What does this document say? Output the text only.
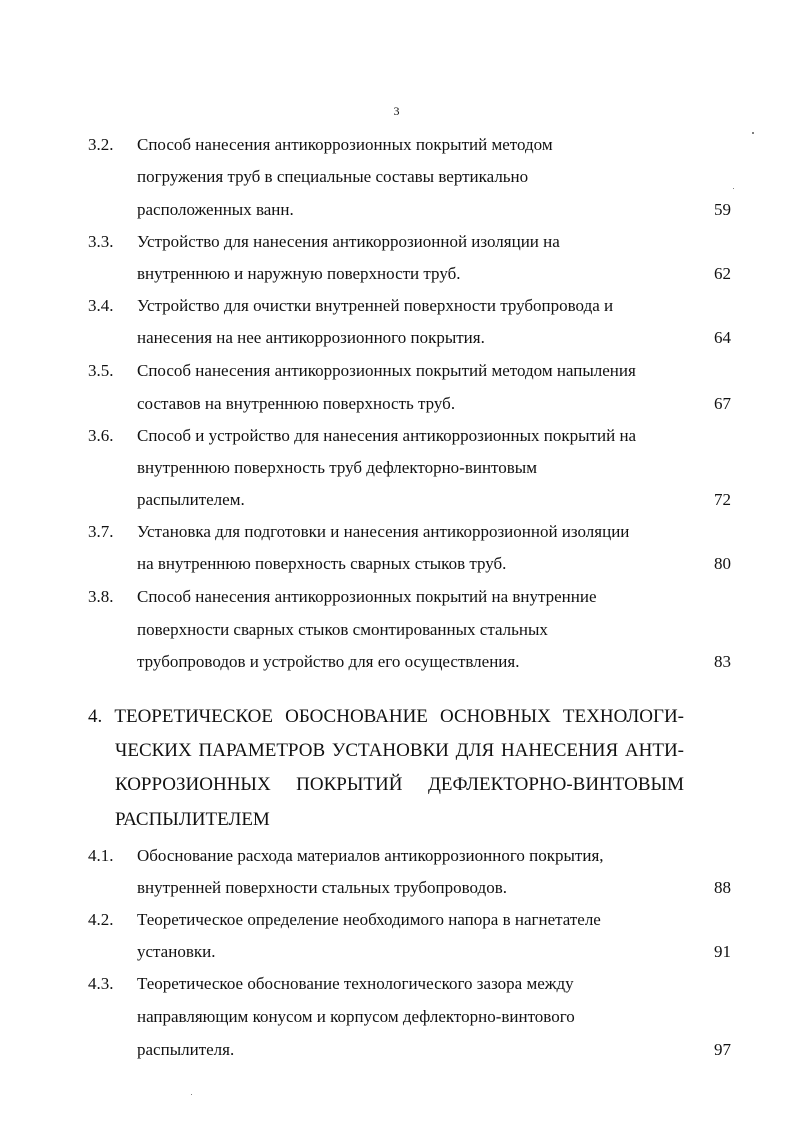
3
3.2. Способ нанесения антикоррозионных покрытий методом
погружения труб в специальные составы вертикально
расположенных ванн.	59
3.3. Устройство для нанесения антикоррозионной изоляции на
внутреннюю и наружную поверхности труб.	62
3.4. Устройство для очистки внутренней поверхности трубопровода и
нанесения на нее антикоррозионного покрытия.	64
3.5. Способ нанесения антикоррозионных покрытий методом напыления
составов на внутреннюю поверхность труб.	67
3.6. Способ и устройство для нанесения антикоррозионных покрытий на
внутреннюю поверхность труб дефлекторно-винтовым
распылителем.	72
3.7. Установка для подготовки и нанесения антикоррозионной изоляции
на внутреннюю поверхность сварных стыков труб.	80
3.8. Способ нанесения антикоррозионных покрытий на внутренние
поверхности сварных стыков смонтированных стальных
трубопроводов и устройство для его осуществления.	83
4. ТЕОРЕТИЧЕСКОЕ ОБОСНОВАНИЕ ОСНОВНЫХ ТЕХНОЛОГИ-
ЧЕСКИХ ПАРАМЕТРОВ УСТАНОВКИ ДЛЯ НАНЕСЕНИЯ АНТИ-
КОРРОЗИОННЫХ ПОКРЫТИЙ ДЕФЛЕКТОРНО-ВИНТОВЫМ
РАСПЫЛИТЕЛЕМ
4.1. Обоснование расхода материалов антикоррозионного покрытия,
внутренней поверхности стальных трубопроводов.	88
4.2. Теоретическое определение необходимого напора в нагнетателе
установки.	91
4.3. Теоретическое обоснование технологического зазора между
направляющим конусом и корпусом дефлекторно-винтового
распылителя.	97
